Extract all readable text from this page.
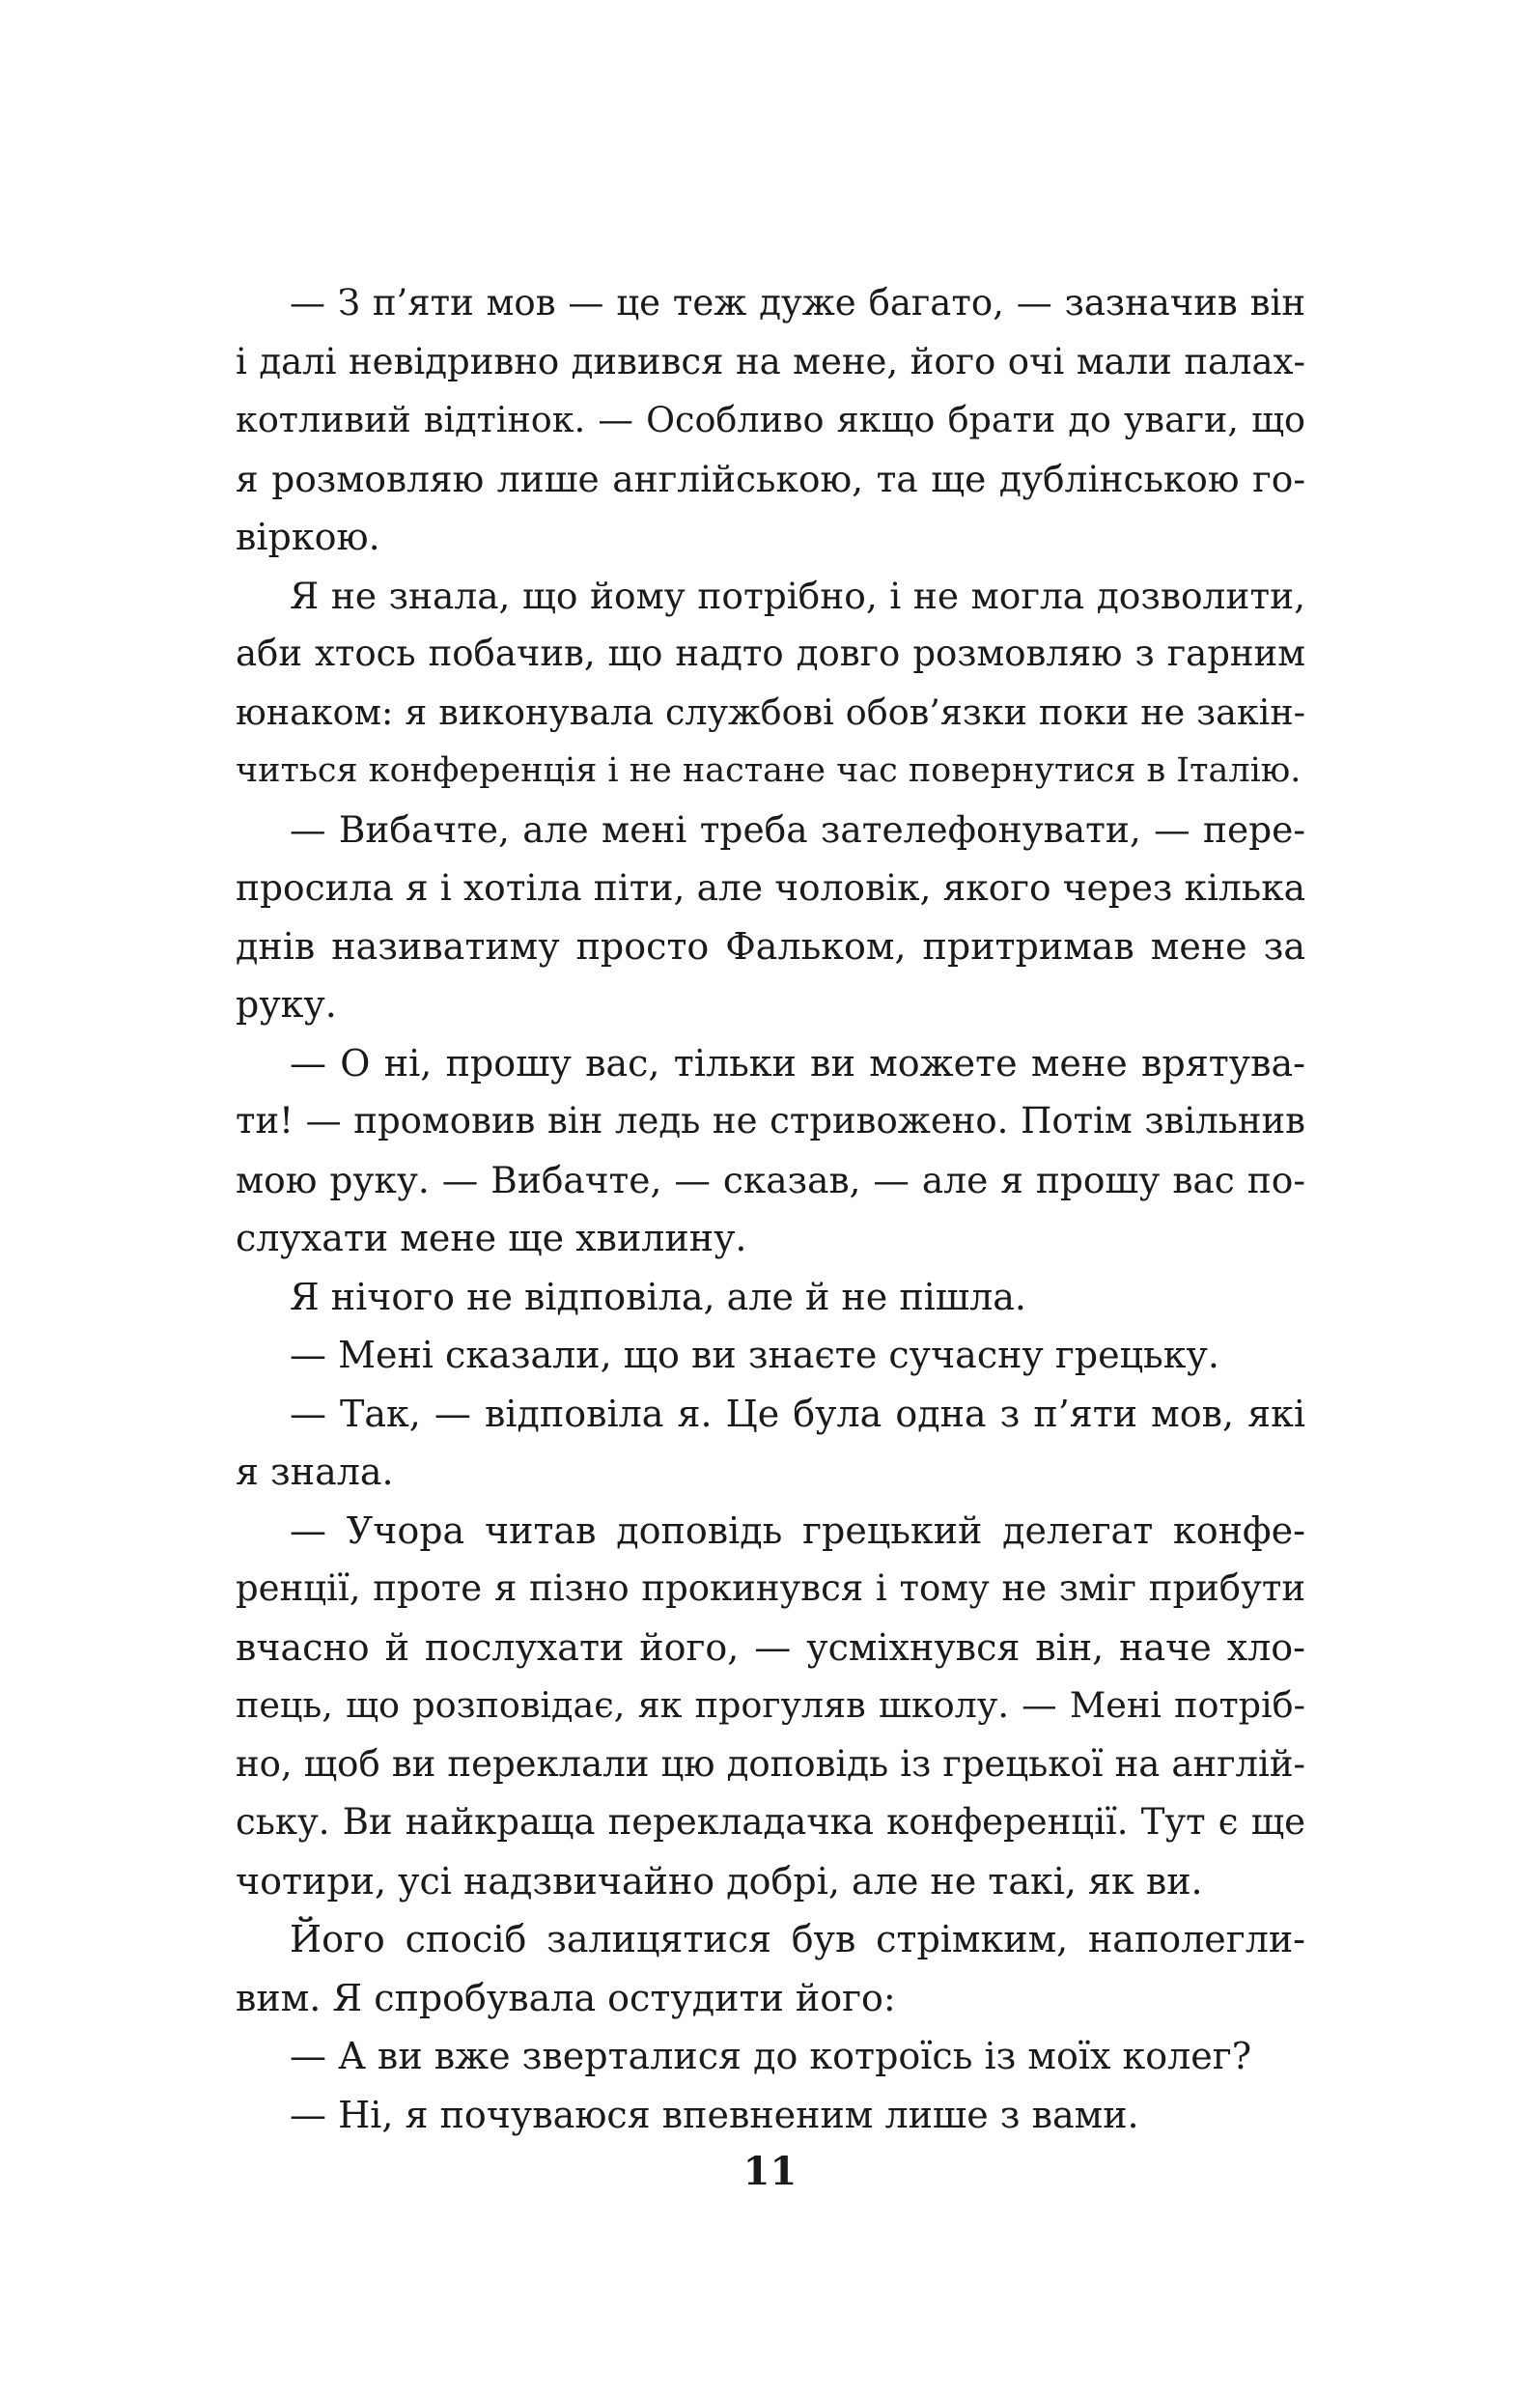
— З п’яти мов — це теж дуже багато, — зазначив він
і далі невідривно дивився на мене, його очі мали палах-
котливий відтінок. — Особливо якщо брати до уваги, що
я розмовляю лише англійською, та ще дублінською го-
віркою.
Я не знала, що йому потрібно, і не могла дозволити,
аби хтось побачив, що надто довго розмовляю з гарним
юнаком: я виконувала службові обов’язки поки не закін-
читься конференція і не настане час повернутися в Італію.
— Вибачте, але мені треба зателефонувати, — пере-
просила я і хотіла піти, але чоловік, якого через кілька
днів називатиму просто Фальком, притримав мене за
руку.
— О ні, прошу вас, тільки ви можете мене врятува-
ти! — промовив він ледь не стривожено. Потім звільнив
мою руку. — Вибачте, — сказав, — але я прошу вас по-
слухати мене ще хвилину.
Я нічого не відповіла, але й не пішла.
— Мені сказали, що ви знаєте сучасну грецьку.
— Так, — відповіла я. Це була одна з п’яти мов, які
я знала.
— Учора читав доповідь грецький делегат конфе-
ренції, проте я пізно прокинувся і тому не зміг прибути
вчасно й послухати його, — усміхнувся він, наче хло-
пець, що розповідає, як прогуляв школу. — Мені потріб-
но, щоб ви переклали цю доповідь із грецької на англій-
ську. Ви найкраща перекладачка конференції. Тут є ще
чотири, усі надзвичайно добрі, але не такі, як ви.
Його спосіб залицятися був стрімким, наполегли-
вим. Я спробувала остудити його:
— А ви вже зверталися до котроїсь із моїх колег?
— Ні, я почуваюся впевненим лише з вами.
11
